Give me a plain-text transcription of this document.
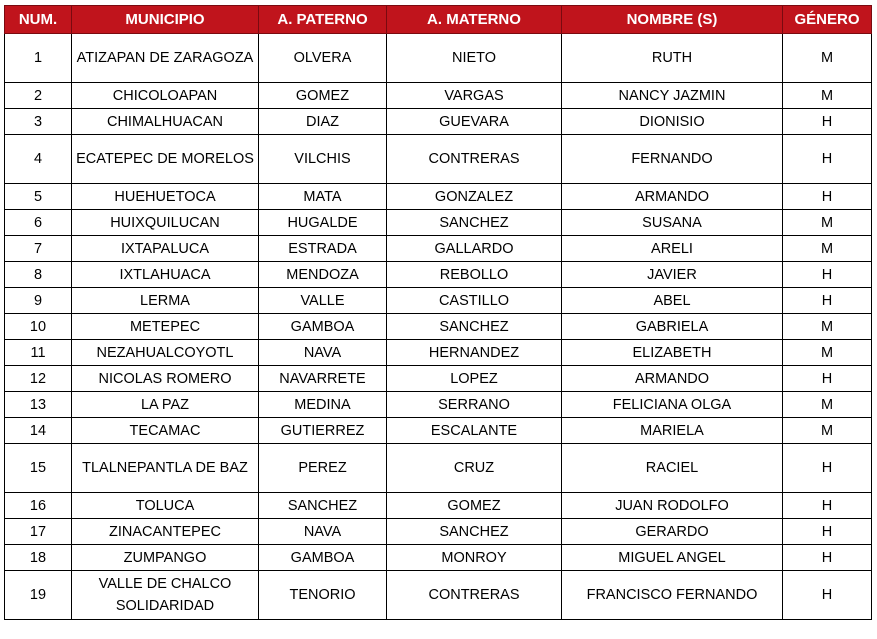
NUM.	MUNICIPIO	A. PATERNO	A. MATERNO	NOMBRE (S)	GÉNERO
1	ATIZAPAN DE ZARAGOZA	OLVERA	NIETO	RUTH	M
2	CHICOLOAPAN	GOMEZ	VARGAS	NANCY JAZMIN	M
3	CHIMALHUACAN	DIAZ	GUEVARA	DIONISIO	H
4	ECATEPEC DE MORELOS	VILCHIS	CONTRERAS	FERNANDO	H
5	HUEHUETOCA	MATA	GONZALEZ	ARMANDO	H
6	HUIXQUILUCAN	HUGALDE	SANCHEZ	SUSANA	M
7	IXTAPALUCA	ESTRADA	GALLARDO	ARELI	M
8	IXTLAHUACA	MENDOZA	REBOLLO	JAVIER	H
9	LERMA	VALLE	CASTILLO	ABEL	H
10	METEPEC	GAMBOA	SANCHEZ	GABRIELA	M
11	NEZAHUALCOYOTL	NAVA	HERNANDEZ	ELIZABETH	M
12	NICOLAS ROMERO	NAVARRETE	LOPEZ	ARMANDO	H
13	LA PAZ	MEDINA	SERRANO	FELICIANA OLGA	M
14	TECAMAC	GUTIERREZ	ESCALANTE	MARIELA	M
15	TLALNEPANTLA DE BAZ	PEREZ	CRUZ	RACIEL	H
16	TOLUCA	SANCHEZ	GOMEZ	JUAN RODOLFO	H
17	ZINACANTEPEC	NAVA	SANCHEZ	GERARDO	H
18	ZUMPANGO	GAMBOA	MONROY	MIGUEL ANGEL	H
19	VALLE DE CHALCO SOLIDARIDAD	TENORIO	CONTRERAS	FRANCISCO FERNANDO	H
